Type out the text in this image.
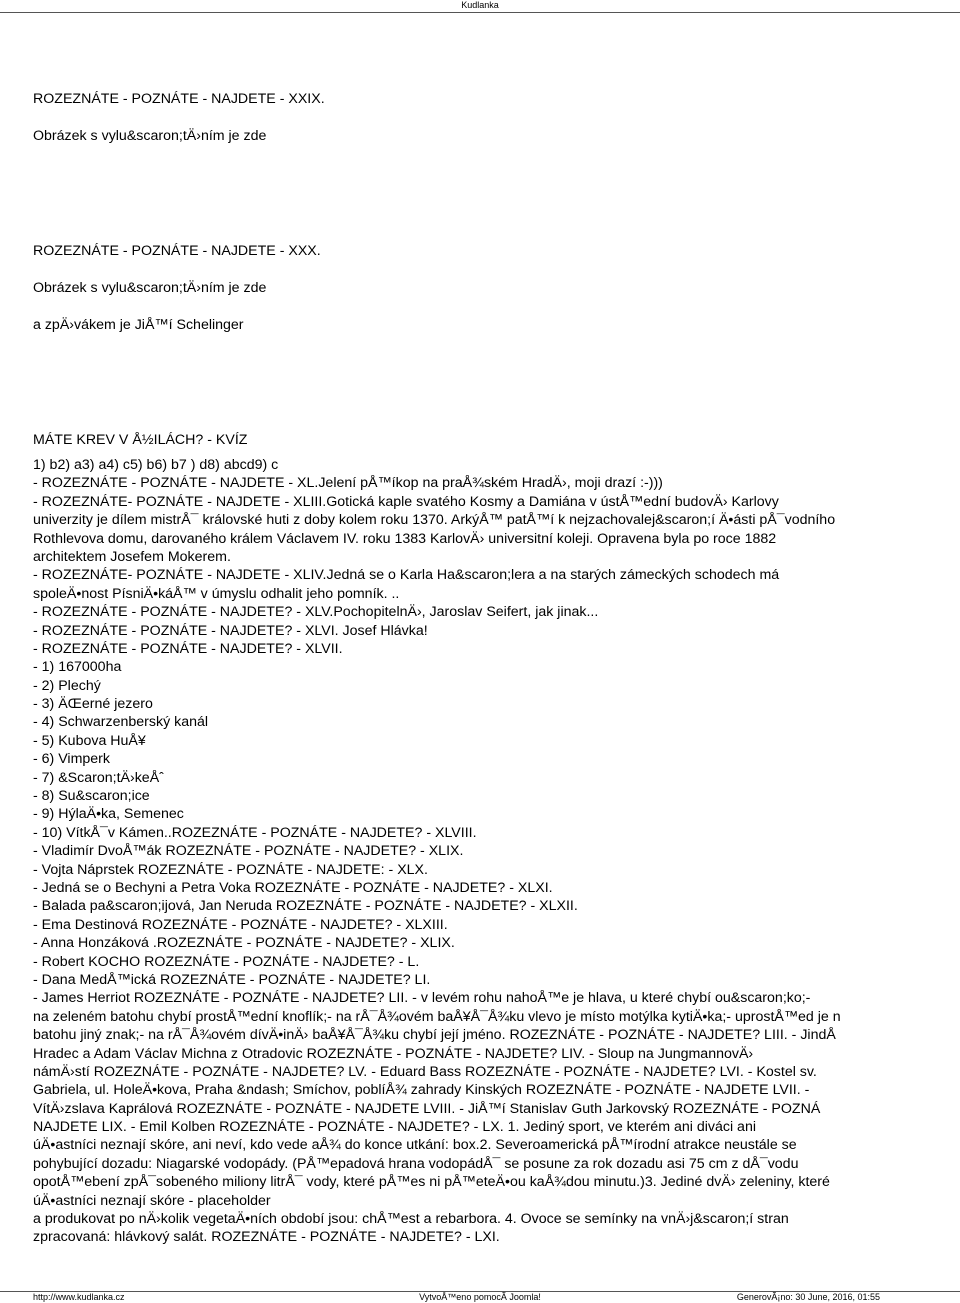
Kudlanka

ROZEZNÁTE - POZNÁTE - NAJDETE - XXIX.

Obrázek s vylu&scaron;tÄ›ním je zde

ROZEZNÁTE - POZNÁTE - NAJDETE - XXX.

Obrázek s vylu&scaron;tÄ›ním je zde

a zpÄ›vákem je JiÅ™í Schelinger

MÁTE KREV V Å½ILÁCH? - KVÍZ

1) b2) a3) a4) c5) b6) b7 ) d8) abcd9) c

- ROZEZNÁTE - POZNÁTE - NAJDETE - XL.Jelení pÅ™íkop na praÅ¾ském HradÄ›, moji drazí :-)))

- ROZEZNÁTE- POZNÁTE - NAJDETE - XLIII.Gotická kaple svatého Kosmy a Damiána v ústÅ™ední budovÄ› Karlovy

univerzity je dílem mistrÅ¯ královské huti z doby kolem roku 1370. ArkýÅ™ patÅ™í k nejzachovalej&scaron;í Ä•ásti pÅ¯vodního

Rothlevova domu, darovaného králem Václavem IV. roku 1383 KarlovÄ› universitní koleji. Opravena byla po roce 1882

architektem Josefem Mokerem.

- ROZEZNÁTE- POZNÁTE - NAJDETE - XLIV.Jedná se o Karla Ha&scaron;lera a na starých zámeckých schodech má

spoleÄ•nost PísniÄ•káÅ™ v úmyslu odhalit jeho pomník. ..

- ROZEZNÁTE - POZNÁTE - NAJDETE? - XLV.PochopitelnÄ›, Jaroslav Seifert, jak jinak...

- ROZEZNÁTE - POZNÁTE - NAJDETE? - XLVI. Josef Hlávka!

- ROZEZNÁTE - POZNÁTE - NAJDETE? - XLVII.

- 1) 167000ha

- 2) Plechý

- 3) ÄŒerné jezero

- 4) Schwarzenberský kanál

- 5) Kubova HuÅ¥

- 6) Vimperk

- 7) &Scaron;tÄ›keÅˆ

- 8) Su&scaron;ice

- 9) HýlaÄ•ka, Semenec

- 10) VítkÅ¯v Kámen..ROZEZNÁTE - POZNÁTE - NAJDETE? - XLVIII.

- Vladimír DvoÅ™ák ROZEZNÁTE - POZNÁTE - NAJDETE? - XLIX.

- Vojta Náprstek ROZEZNÁTE - POZNÁTE - NAJDETE: - XLX.

- Jedná se o Bechyni a Petra Voka ROZEZNÁTE - POZNÁTE - NAJDETE? - XLXI.

- Balada pa&scaron;ijová, Jan Neruda ROZEZNÁTE - POZNÁTE - NAJDETE? - XLXII.

- Ema Destinová ROZEZNÁTE - POZNÁTE - NAJDETE? - XLXIII.

- Anna Honzáková .ROZEZNÁTE - POZNÁTE - NAJDETE? - XLIX.

- Robert KOCHO ROZEZNÁTE - POZNÁTE - NAJDETE? - L.

- Dana MedÅ™ická ROZEZNÁTE - POZNÁTE - NAJDETE? LI.

- James Herriot ROZEZNÁTE - POZNÁTE - NAJDETE? LII. - v levém rohu nahoÅ™e je hlava, u které chybí ou&scaron;ko;-

na zeleném batohu chybí prostÅ™ední knoflík;- na rÅ¯Å¾ovém baÅ¥Å¯Å¾ku vlevo je místo motýlka kytiÄ•ka;- uprostÅ™ed je n

batohu jiný znak;- na rÅ¯Å¾ovém dívÄ•inÄ› baÅ¥Å¯Å¾ku chybí její jméno. ROZEZNÁTE - POZNÁTE - NAJDETE? LIII. - JindÅ

Hradec a Adam Václav Michna z Otradovic ROZEZNÁTE - POZNÁTE - NAJDETE? LIV. - Sloup na JungmannovÄ›

námÄ›stí ROZEZNÁTE - POZNÁTE - NAJDETE? LV. - Eduard Bass ROZEZNÁTE - POZNÁTE - NAJDETE? LVI. - Kostel sv.

Gabriela, ul. HoleÄ•kova, Praha &ndash; Smíchov, poblíÅ¾ zahrady Kinských ROZEZNÁTE - POZNÁTE - NAJDETE LVII. -

VítÄ›zslava Kaprálová ROZEZNÁTE - POZNÁTE - NAJDETE LVIII. - JiÅ™í Stanislav Guth Jarkovský ROZEZNÁTE - POZNÁ

NAJDETE LIX. - Emil Kolben ROZEZNÁTE - POZNÁTE - NAJDETE? - LX. 1. Jediný sport, ve kterém ani diváci ani

úÄ•astníci neznají skóre, ani neví, kdo vede aÅ¾ do konce utkání: box.2. Severoamerická pÅ™írodní atrakce neustále se

pohybující dozadu: Niagarské vodopády. (PÅ™epadová hrana vodopádÅ¯ se posune za rok dozadu asi 75 cm z dÅ¯vodu

opotÅ™ebení zpÅ¯sobeného miliony litrÅ¯ vody, které pÅ™es ni pÅ™eteÄ•ou kaÅ¾dou minutu.)3. Jediné dvÄ› zeleniny, které

úÄ•astníci neznají skóre - placeholder

a produkovat po nÄ›kolik vegetaÄ•ních období jsou: chÅ™est a rebarbora. 4. Ovoce se semínky na vnÄ›j&scaron;í stran

zpracovaná: hlávkový salát. ROZEZNÁTE - POZNÁTE - NAJDETE? - LXI.

VytvoÅ™eno pomocÃ Joomla!
http://www.kudlanka.cz	GenerovÃ¡no: 30 June, 2016, 01:55
